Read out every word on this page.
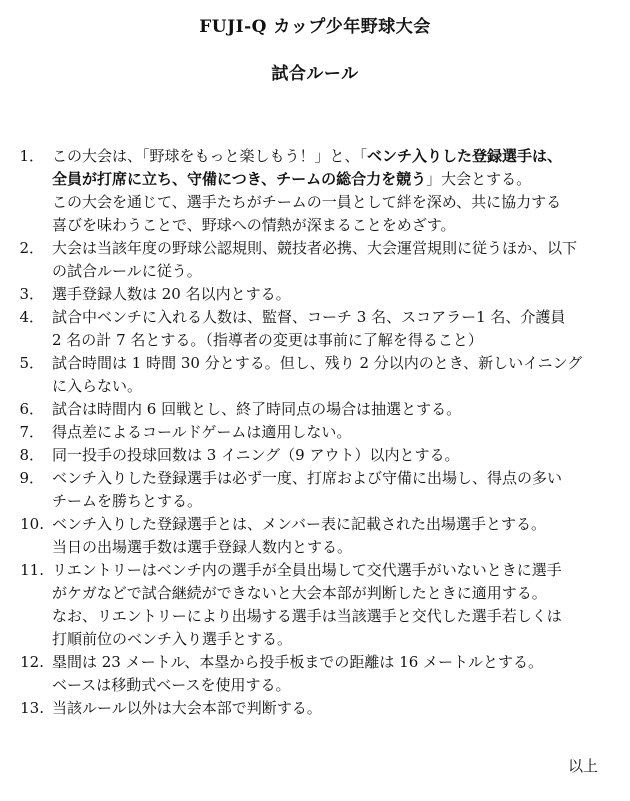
FUJI-Q カップ少年野球大会
試合ルール
1． この大会は、「野球をもっと楽しもう！」と、「ベンチ入りした登録選手は、
全員が打席に立ち、守備につき、チームの総合力を競う」大会とする。
この大会を通じて、選手たちがチームの一員として絆を深め、共に協力する
喜びを味わうことで、野球への情熱が深まることをめざす。
2． 大会は当該年度の野球公認規則、競技者必携、大会運営規則に従うほか、以下
の試合ルールに従う。
3． 選手登録人数は 20 名以内とする。
4． 試合中ベンチに入れる人数は、監督、コーチ 3 名、スコアラー1 名、介護員
2 名の計 7 名とする。（指導者の変更は事前に了解を得ること）
5． 試合時間は 1 時間 30 分とする。但し、残り 2 分以内のとき、新しいイニング
に入らない。
6． 試合は時間内 6 回戦とし、終了時同点の場合は抽選とする。
7． 得点差によるコールドゲームは適用しない。
8． 同一投手の投球回数は 3 イニング（9 アウト）以内とする。
9． ベンチ入りした登録選手は必ず一度、打席および守備に出場し、得点の多い
チームを勝ちとする。
10. ベンチ入りした登録選手とは、メンバー表に記載された出場選手とする。
当日の出場選手数は選手登録人数内とする。
11. リエントリーはベンチ内の選手が全員出場して交代選手がいないときに選手
がケガなどで試合継続ができないと大会本部が判断したときに適用する。
なお、リエントリーにより出場する選手は当該選手と交代した選手若しくは
打順前位のベンチ入り選手とする。
12. 塁間は 23 メートル、本塁から投手板までの距離は 16 メートルとする。
ベースは移動式ベースを使用する。
13. 当該ルール以外は大会本部で判断する。
以上
